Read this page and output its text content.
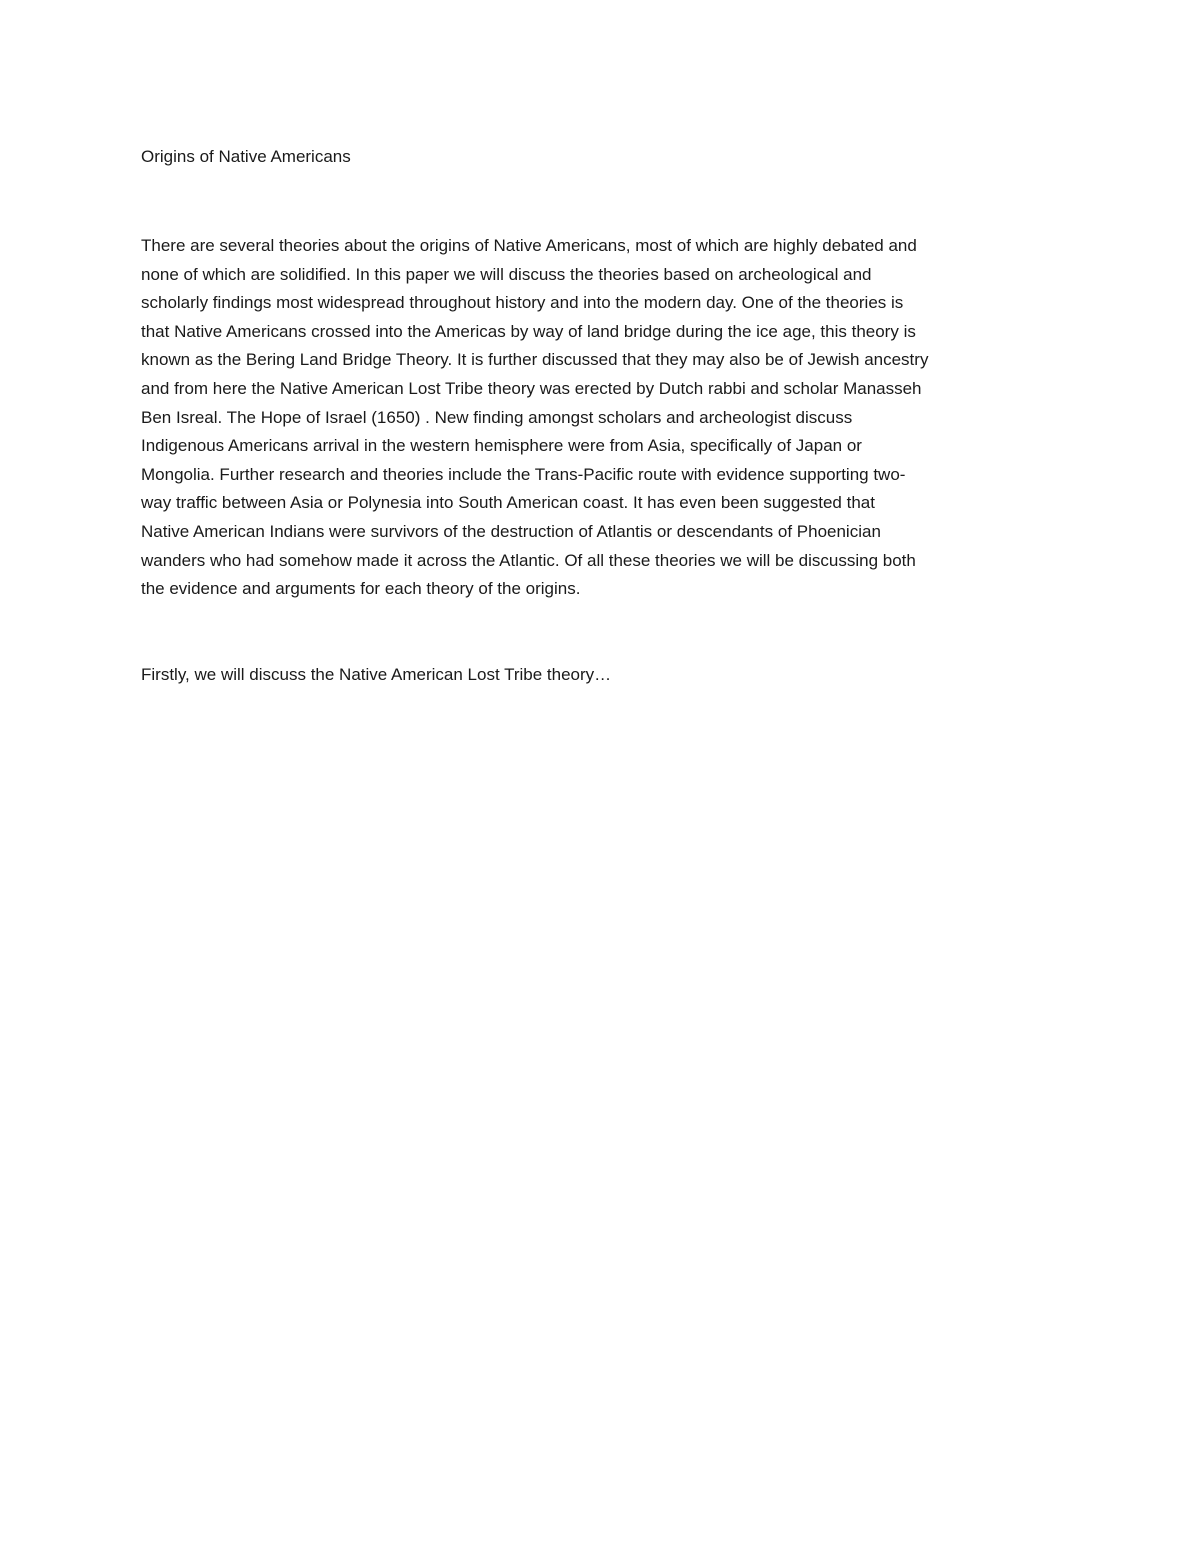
Origins of Native Americans

There are several theories about the origins of Native Americans, most of which are highly debated and
none of which are solidified. In this paper we will discuss the theories based on archeological and
scholarly findings most widespread throughout history and into the modern day. One of the theories is
that Native Americans crossed into the Americas by way of land bridge during the ice age, this theory is
known as the Bering Land Bridge Theory. It is further discussed that they may also be of Jewish ancestry
and from here the Native American Lost Tribe theory was erected by Dutch rabbi and scholar Manasseh
Ben Isreal. The Hope of Israel (1650) . New finding amongst scholars and archeologist discuss
Indigenous Americans arrival in the western hemisphere were from Asia, specifically of Japan or
Mongolia. Further research and theories include the Trans-Pacific route with evidence supporting two-
way traffic between Asia or Polynesia into South American coast. It has even been suggested that
Native American Indians were survivors of the destruction of Atlantis or descendants of Phoenician
wanders who had somehow made it across the Atlantic. Of all these theories we will be discussing both
the evidence and arguments for each theory of the origins.

Firstly, we will discuss the Native American Lost Tribe theory…
